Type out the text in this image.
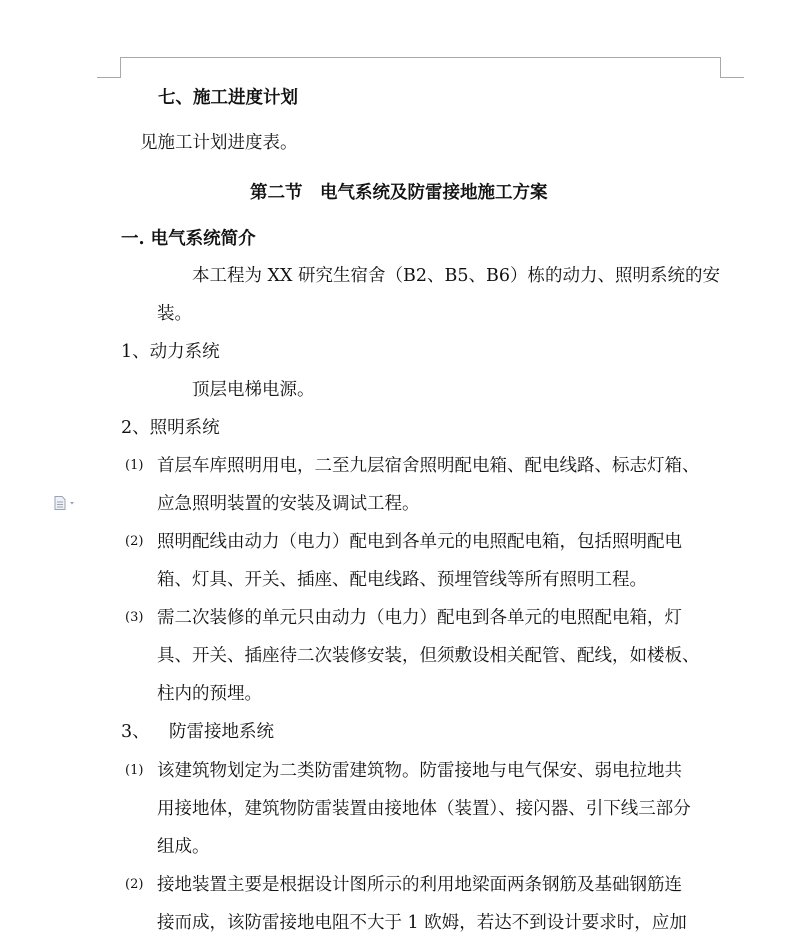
七、施工进度计划
见施工计划进度表。
第二节　电气系统及防雷接地施工方案
一. 电气系统简介
本工程为 XX 研究生宿舍（B2、B5、B6）栋的动力、照明系统的安
装。
1、动力系统
顶层电梯电源。
2、照明系统
(1) 首层车库照明用电，二至九层宿舍照明配电箱、配电线路、标志灯箱、
应急照明装置的安装及调试工程。
(2) 照明配线由动力（电力）配电到各单元的电照配电箱，包括照明配电
箱、灯具、开关、插座、配电线路、预埋管线等所有照明工程。
(3) 需二次装修的单元只由动力（电力）配电到各单元的电照配电箱，灯
具、开关、插座待二次装修安装，但须敷设相关配管、配线，如楼板、
柱内的预埋。
3、 防雷接地系统
(1) 该建筑物划定为二类防雷建筑物。防雷接地与电气保安、弱电拉地共
用接地体，建筑物防雷装置由接地体（装置）、接闪器、引下线三部分
组成。
(2) 接地装置主要是根据设计图所示的利用地梁面两条钢筋及基础钢筋连
接而成，该防雷接地电阻不大于 1 欧姆，若达不到设计要求时，应加
